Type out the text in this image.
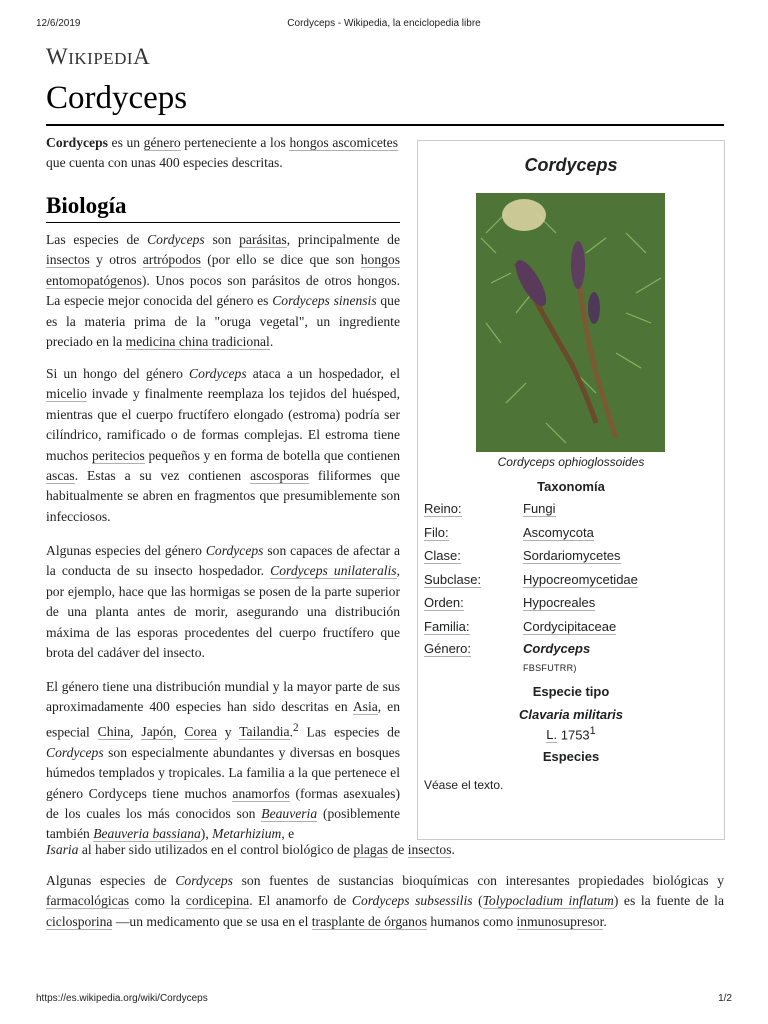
12/6/2019	Cordyceps - Wikipedia, la enciclopedia libre
WIKIPEDIA
Cordyceps

Cordyceps es un género perteneciente a los hongos ascomicetes que cuenta con unas 400 especies descritas.

Biología

Las especies de Cordyceps son parásitas, principalmente de insectos y otros artrópodos (por ello se dice que son hongos entomopatógenos). Unos pocos son parásitos de otros hongos. La especie mejor conocida del género es Cordyceps sinensis que es la materia prima de la "oruga vegetal", un ingrediente preciado en la medicina china tradicional.

Si un hongo del género Cordyceps ataca a un hospedador, el micelio invade y finalmente reemplaza los tejidos del huésped, mientras que el cuerpo fructífero elongado (estroma) podría ser cilíndrico, ramificado o de formas complejas. El estroma tiene muchos peritecios pequeños y en forma de botella que contienen ascas. Estas a su vez contienen ascosporas filiformes que habitualmente se abren en fragmentos que presumiblemente son infecciosos.

Algunas especies del género Cordyceps son capaces de afectar a la conducta de su insecto hospedador. Cordyceps unilateralis, por ejemplo, hace que las hormigas se posen de la parte superior de una planta antes de morir, asegurando una distribución máxima de las esporas procedentes del cuerpo fructífero que brota del cadáver del insecto.

El género tiene una distribución mundial y la mayor parte de sus aproximadamente 400 especies han sido descritas en Asia, en especial China, Japón, Corea y Tailandia.$^2$ Las especies de Cordyceps son especialmente abundantes y diversas en bosques húmedos templados y tropicales. La familia a la que pertenece el género Cordyceps tiene muchos anamorfos (formas asexuales) de los cuales los más conocidos son Beauveria (posiblemente también Beauveria bassiana), Metarhizium, e

Isaria al haber sido utilizados en el control biológico de plagas de insectos.

Algunas especies de Cordyceps son fuentes de sustancias bioquímicas con interesantes propiedades biológicas y farmacológicas como la cordicepina. El anamorfo de Cordyceps subsessilis (Tolypocladium inflatum) es la fuente de la ciclosporina —un medicamento que se usa en el trasplante de órganos humanos como inmunosupresor.

Cordyceps
Cordyceps ophioglossoides
Taxonomía
Reino:	Fungi
Filo:	Ascomycota
Clase:	Sordariomycetes
Subclase:	Hypocreomycetidae
Orden:	Hypocreales
Familia:	Cordycipitaceae
Género:	Cordyceps
FBSFUTRR)
Especie tipo
Clavaria militaris
L. 1753$^1$
Especies
Véase el texto.
https://es.wikipedia.org/wiki/Cordyceps	1/2
